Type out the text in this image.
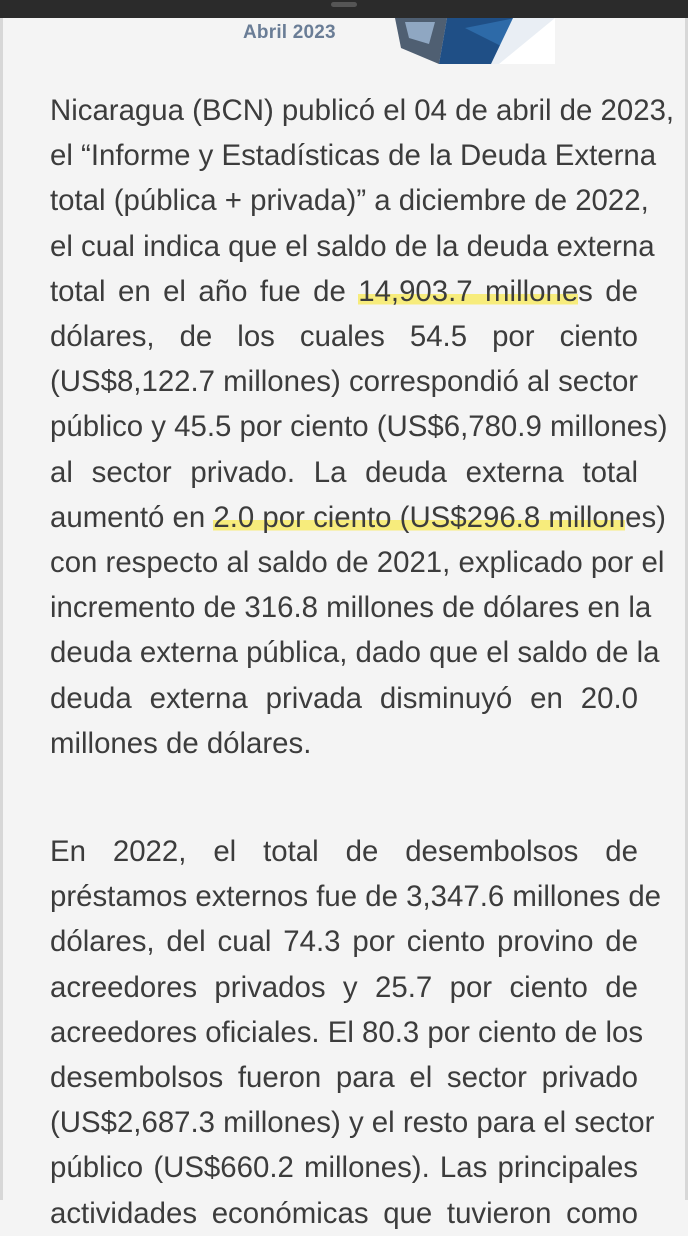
Abril 2023

Nicaragua (BCN) publicó el 04 de abril de 2023,
el “Informe y Estadísticas de la Deuda Externa
total (pública + privada)” a diciembre de 2022,
el cual indica que el saldo de la deuda externa
total en el año fue de 14,903.7 millones de
dólares, de los cuales 54.5 por ciento
(US$8,122.7 millones) correspondió al sector
público y 45.5 por ciento (US$6,780.9 millones)
al sector privado. La deuda externa total
aumentó en 2.0 por ciento (US$296.8 millones)
con respecto al saldo de 2021, explicado por el
incremento de 316.8 millones de dólares en la
deuda externa pública, dado que el saldo de la
deuda externa privada disminuyó en 20.0
millones de dólares.

En 2022, el total de desembolsos de
préstamos externos fue de 3,347.6 millones de
dólares, del cual 74.3 por ciento provino de
acreedores privados y 25.7 por ciento de
acreedores oficiales. El 80.3 por ciento de los
desembolsos fueron para el sector privado
(US$2,687.3 millones) y el resto para el sector
público (US$660.2 millones). Las principales
actividades económicas que tuvieron como
